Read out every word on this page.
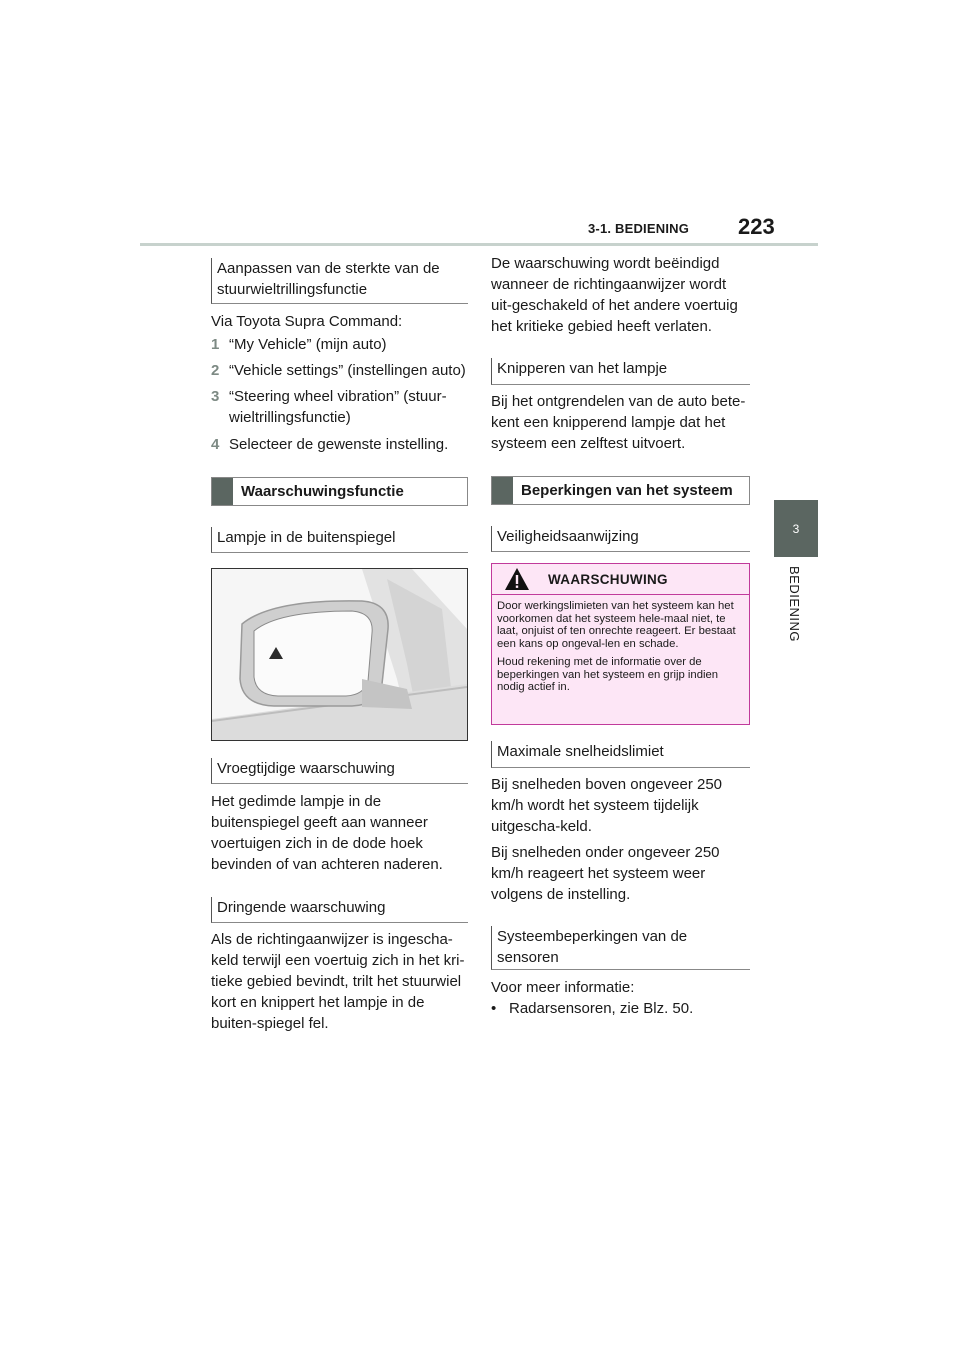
3-1. BEDIENING 223
3
BEDIENING
Aanpassen van de sterkte van de stuurwieltrillingsfunctie
Via Toyota Supra Command:
1 “My Vehicle” (mijn auto)
2 “Vehicle settings” (instellingen auto)
3 “Steering wheel vibration” (stuur-wieltrillingsfunctie)
4 Selecteer de gewenste instelling.
Waarschuwingsfunctie
Lampje in de buitenspiegel
Vroegtijdige waarschuwing
Het gedimde lampje in de buitenspiegel geeft aan wanneer voertuigen zich in de dode hoek bevinden of van achteren naderen.
Dringende waarschuwing
Als de richtingaanwijzer is ingescha-keld terwijl een voertuig zich in het kri-tieke gebied bevindt, trilt het stuurwiel kort en knippert het lampje in de buiten-spiegel fel.
De waarschuwing wordt beëindigd wanneer de richtingaanwijzer wordt uit-geschakeld of het andere voertuig het kritieke gebied heeft verlaten.
Knipperen van het lampje
Bij het ontgrendelen van de auto bete-kent een knipperend lampje dat het systeem een zelftest uitvoert.
Beperkingen van het systeem
Veiligheidsaanwijzing
WAARSCHUWING
Door werkingslimieten van het systeem kan het voorkomen dat het systeem hele-maal niet, te laat, onjuist of ten onrechte reageert. Er bestaat een kans op ongeval-len en schade.
Houd rekening met de informatie over de beperkingen van het systeem en grijp indien nodig actief in.
Maximale snelheidslimiet
Bij snelheden boven ongeveer 250 km/h wordt het systeem tijdelijk uitgescha-keld.
Bij snelheden onder ongeveer 250 km/h reageert het systeem weer volgens de instelling.
Systeembeperkingen van de sensoren
Voor meer informatie:
• Radarsensoren, zie Blz. 50.
